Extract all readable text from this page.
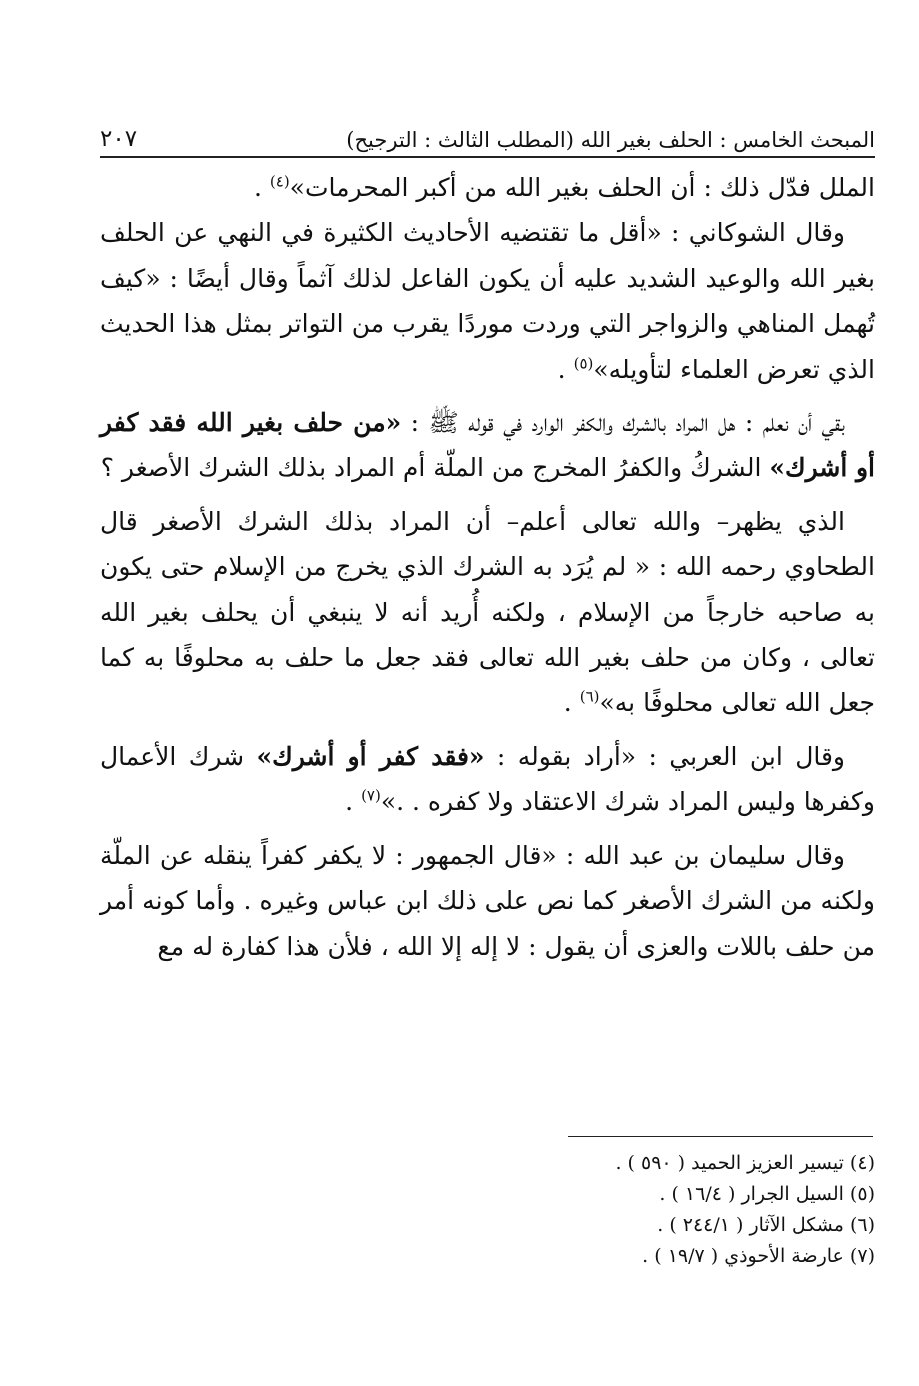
المبحث الخامس : الحلف بغير الله (المطلب الثالث : الترجيح)
٢٠٧

الملل فدّل ذلك : أن الحلف بغير الله من أكبر المحرمات»$^{(٤)}$ .

وقال الشوكاني : «أقل ما تقتضيه الأحاديث الكثيرة في النهي عن الحلف بغير الله والوعيد الشديد عليه أن يكون الفاعل لذلك آثماً وقال أيضًا : «كيف تُهمل المناهي والزواجر التي وردت موردًا يقرب من التواتر بمثل هذا الحديث الذي تعرض العلماء لتأويله»$^{(٥)}$ .

بقي أن نعلم : هل المراد بالشرك والكفر الوارد في قوله ﷺ : «من حلف بغير الله فقد كفر أو أشرك» الشركُ والكفرُ المخرج من الملّة أم المراد بذلك الشرك الأصغر ؟

الذي يظهر– والله تعالى أعلم– أن المراد بذلك الشرك الأصغر قال الطحاوي رحمه الله : « لم يُرَد به الشرك الذي يخرج من الإسلام حتى يكون به صاحبه خارجاً من الإسلام ، ولكنه أُريد أنه لا ينبغي أن يحلف بغير الله تعالى ، وكان من حلف بغير الله تعالى فقد جعل ما حلف به محلوفًا به كما جعل الله تعالى محلوفًا به»$^{(٦)}$ .

وقال ابن العربي : «أراد بقوله : «فقد كفر أو أشرك» شرك الأعمال وكفرها وليس المراد شرك الاعتقاد ولا كفره . .»$^{(٧)}$ .

وقال سليمان بن عبد الله : «قال الجمهور : لا يكفر كفراً ينقله عن الملّة ولكنه من الشرك الأصغر كما نص على ذلك ابن عباس وغيره . وأما كونه أمر من حلف باللات والعزى أن يقول : لا إله إلا الله ، فلأن هذا كفارة له مع

(٤) تيسير العزيز الحميد ( ٥٩٠ ) .
(٥) السيل الجرار ( ١٦/٤ ) .
(٦) مشكل الآثار ( ٢٤٤/١ ) .
(٧) عارضة الأحوذي ( ١٩/٧ ) .
